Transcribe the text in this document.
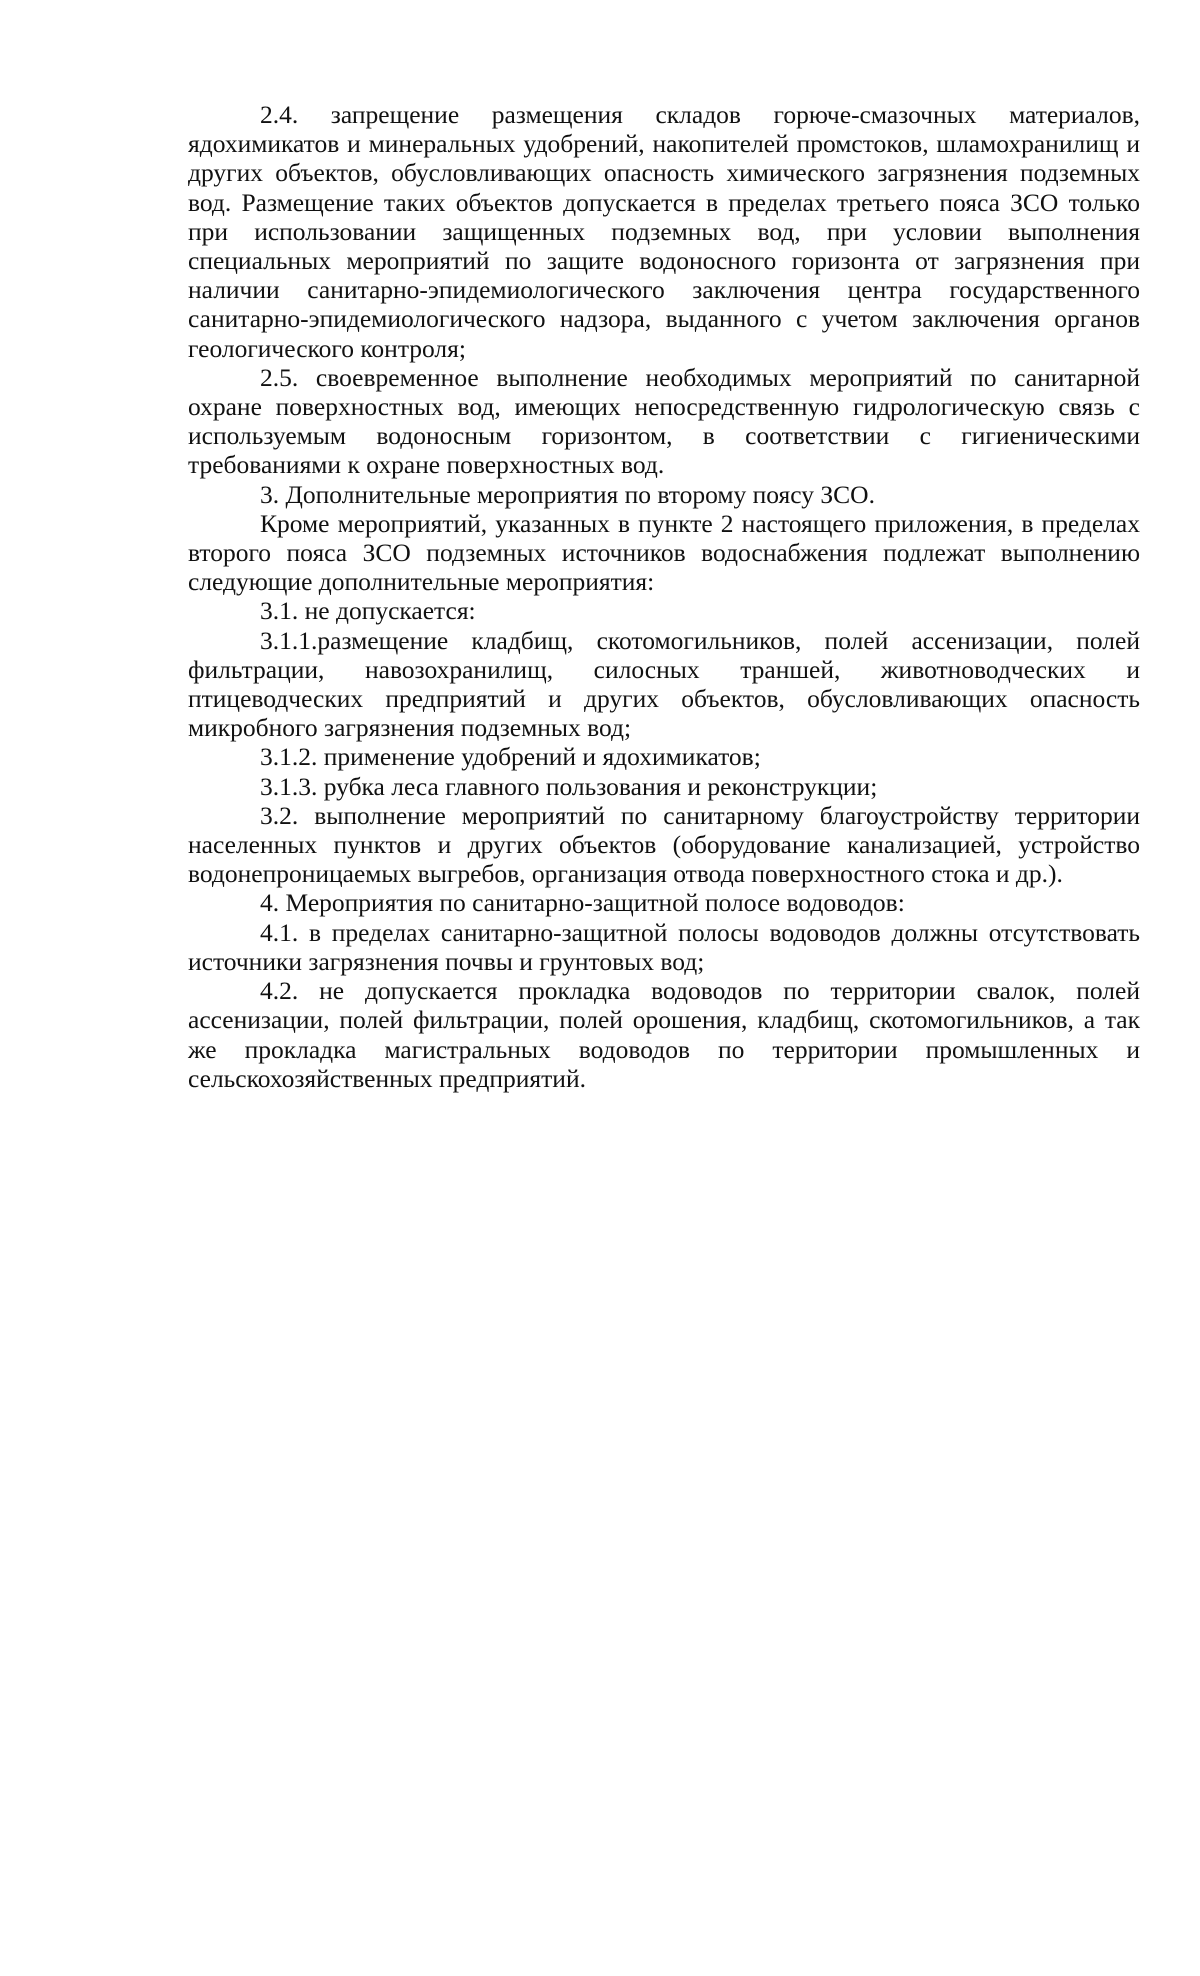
2.4. запрещение размещения складов горюче-смазочных материалов, ядохимикатов и минеральных удобрений, накопителей промстоков, шламохранилищ и других объектов, обусловливающих опасность химического загрязнения подземных вод. Размещение таких объектов допускается в пределах третьего пояса ЗСО только при использовании защищенных подземных вод, при условии выполнения специальных мероприятий по защите водоносного горизонта от загрязнения при наличии санитарно-эпидемиологического заключения центра государственного санитарно-эпидемиологического надзора, выданного с учетом заключения органов геологического контроля;

2.5. своевременное выполнение необходимых мероприятий по санитарной охране поверхностных вод, имеющих непосредственную гидрологическую связь с используемым водоносным горизонтом, в соответствии с гигиеническими требованиями к охране поверхностных вод.

3. Дополнительные мероприятия по второму поясу ЗСО.

Кроме мероприятий, указанных в пункте 2 настоящего приложения, в пределах второго пояса ЗСО подземных источников водоснабжения подлежат выполнению следующие дополнительные мероприятия:

3.1. не допускается:

3.1.1.размещение кладбищ, скотомогильников, полей ассенизации, полей фильтрации, навозохранилищ, силосных траншей, животноводческих и птицеводческих предприятий и других объектов, обусловливающих опасность микробного загрязнения подземных вод;

3.1.2. применение удобрений и ядохимикатов;

3.1.3. рубка леса главного пользования и реконструкции;

3.2. выполнение мероприятий по санитарному благоустройству территории населенных пунктов и других объектов (оборудование канализацией, устройство водонепроницаемых выгребов, организация отвода поверхностного стока и др.).

4. Мероприятия по санитарно-защитной полосе водоводов:

4.1. в пределах санитарно-защитной полосы водоводов должны отсутствовать источники загрязнения почвы и грунтовых вод;

4.2. не допускается прокладка водоводов по территории свалок, полей ассенизации, полей фильтрации, полей орошения, кладбищ, скотомогильников, а так же прокладка магистральных водоводов по территории промышленных и сельскохозяйственных предприятий.
